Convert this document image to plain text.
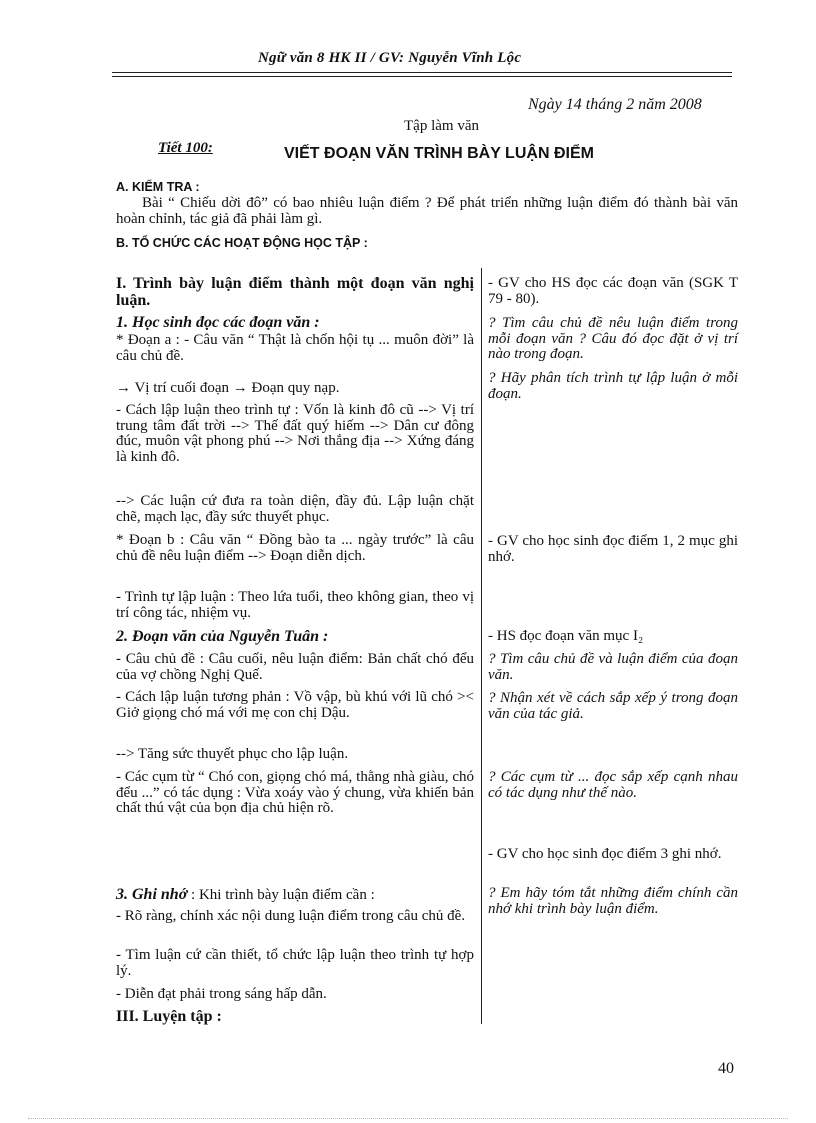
Ngữ văn 8 HK II / GV: Nguyễn Vĩnh Lộc
Ngày 14 tháng 2 năm 2008
Tập làm văn
Tiết 100:	VIẾT ĐOẠN VĂN TRÌNH BÀY LUẬN ĐIỂM
A. KIỂM TRA :
Bài “ Chiếu dời đô” có bao nhiêu luận điểm ? Để phát triển những luận điểm đó thành bài văn hoàn chỉnh, tác giả đã phải làm gì.
B. TỔ CHỨC CÁC HOẠT ĐỘNG HỌC TẬP :
I. Trình bày luận điểm thành một đoạn văn nghị luận.
1. Học sinh đọc các đoạn văn :
* Đoạn a : - Câu văn “ Thật là chốn hội tụ ... muôn đời” là câu chủ đề.
→ Vị trí cuối đoạn → Đoạn quy nạp.
- Cách lập luận theo trình tự : Vốn là kinh đô cũ --> Vị trí trung tâm đất trời --> Thế đất quý hiếm --> Dân cư đông đúc, muôn vật phong phú --> Nơi thắng địa --> Xứng đáng là kinh đô.
--> Các luận cứ đưa ra toàn diện, đầy đủ. Lập luận chặt chẽ, mạch lạc, đầy sức thuyết phục.
* Đoạn b : Câu văn “ Đồng bào ta ... ngày trước” là câu chủ đề nêu luận điểm --> Đoạn diễn dịch.
- Trình tự lập luận : Theo lứa tuổi, theo không gian, theo vị trí công tác, nhiệm vụ.
2. Đoạn văn của Nguyễn Tuân :
- Câu chủ đề : Câu cuối, nêu luận điểm: Bản chất chó đểu của vợ chồng Nghị Quế.
- Cách lập luận tương phản : Vồ vập, bù khú với lũ chó >< Giở giọng chó má với mẹ con chị Dậu.
--> Tăng sức thuyết phục cho lập luận.
- Các cụm từ “ Chó con, giọng chó má, thằng nhà giàu, chó đểu ...” có tác dụng : Vừa xoáy vào ý chung, vừa khiến bản chất thú vật của bọn địa chủ hiện rõ.
3. Ghi nhớ : Khi trình bày luận điểm cần :
- Rõ ràng, chính xác nội dung luận điểm trong câu chủ đề.
- Tìm luận cứ cần thiết, tổ chức lập luận theo trình tự hợp lý.
- Diễn đạt phải trong sáng hấp dẫn.
III. Luyện tập :
- GV cho HS đọc các đoạn văn (SGK T 79 - 80).
? Tìm câu chủ đề nêu luận điểm trong mỗi đoạn văn ? Câu đó đọc đặt ở vị trí nào trong đoạn.
? Hãy phân tích trình tự lập luận ở mỗi đoạn.
- GV cho học sinh đọc điểm 1, 2 mục ghi nhớ.
- HS đọc đoạn văn mục I₂
? Tìm câu chủ đề và luận điểm của đoạn văn.
? Nhận xét về cách sắp xếp ý trong đoạn văn của tác giả.
? Các cụm từ ... đọc sắp xếp cạnh nhau có tác dụng như thế nào.
- GV cho học sinh đọc điểm 3 ghi nhớ.
? Em hãy tóm tắt những điểm chính cần nhớ khi trình bày luận điểm.
40
